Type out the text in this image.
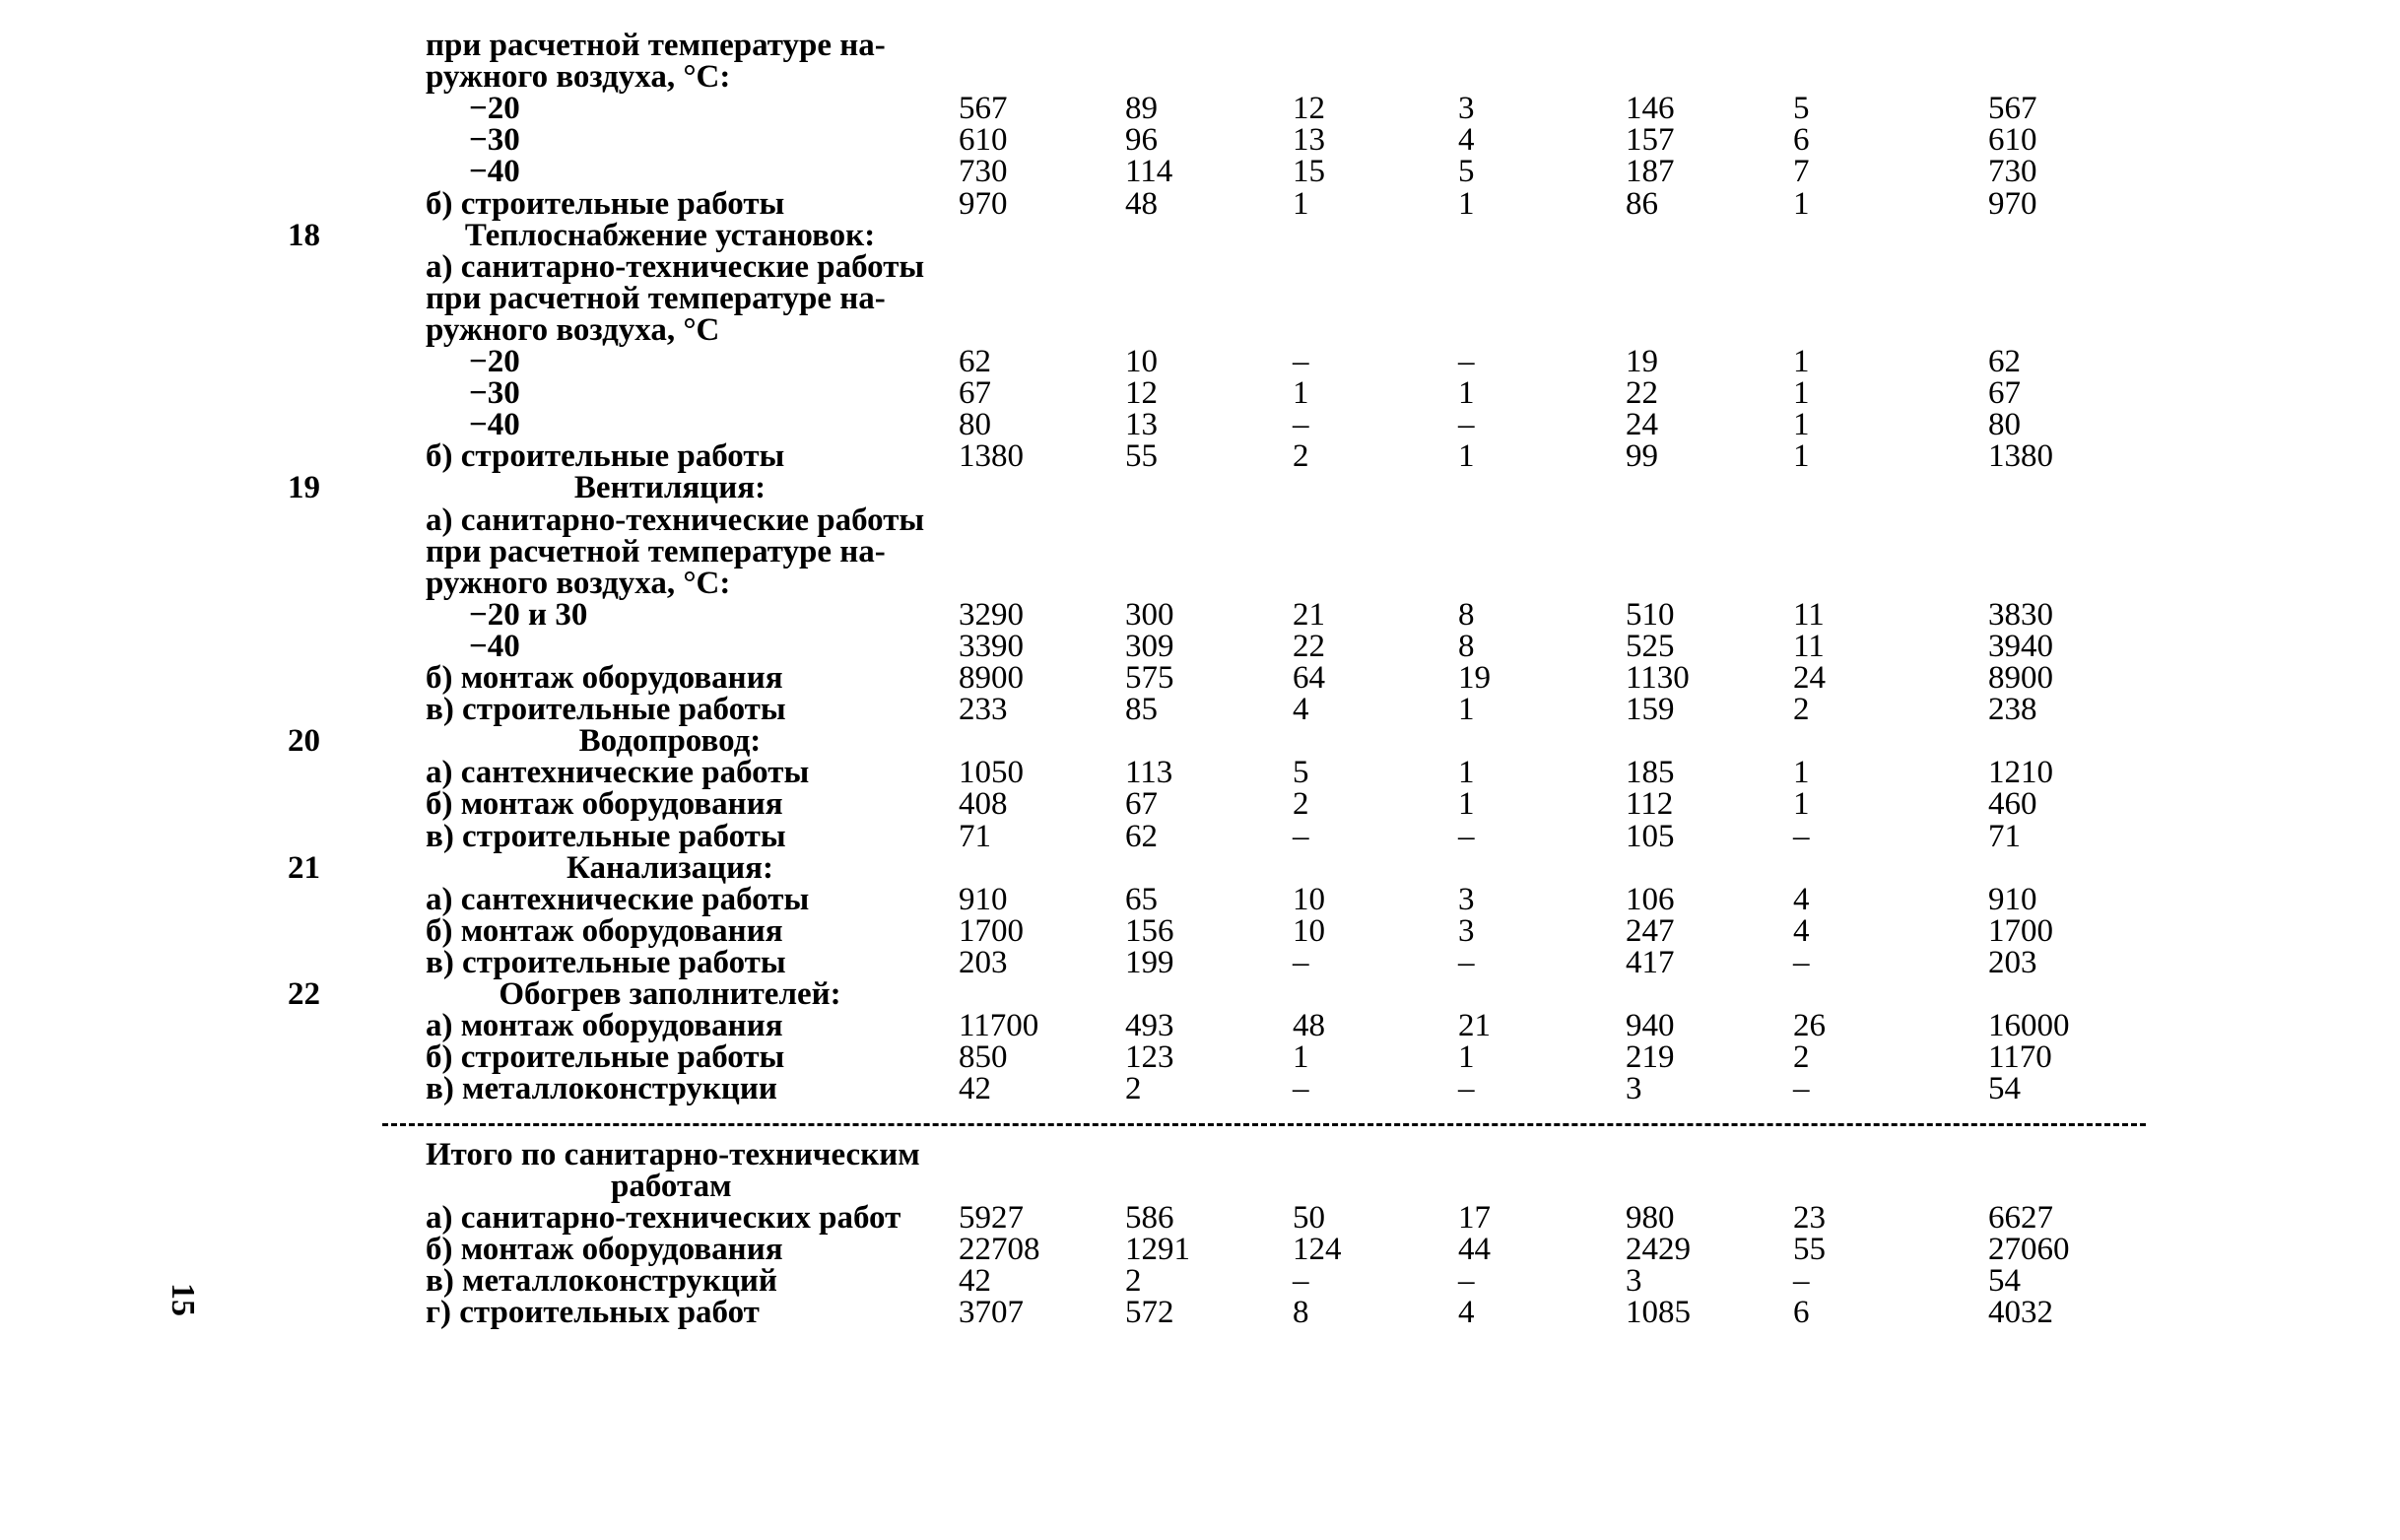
при расчетной температуре на-
ружного воздуха, °C:
−20	567	89	12	3	146	5	567
−30	610	96	13	4	157	6	610
−40	730	114	15	5	187	7	730
б) строительные работы	970	48	1	1	86	1	970
18	Теплоснабжение установок:
а) санитарно-технические работы
при расчетной температуре на-
ружного воздуха, °C
−20	62	10	–	–	19	1	62
−30	67	12	1	1	22	1	67
−40	80	13	–	–	24	1	80
б) строительные работы	1380	55	2	1	99	1	1380
19	Вентиляция:
а) санитарно-технические работы
при расчетной температуре на-
ружного воздуха, °C:
−20 и 30	3290	300	21	8	510	11	3830
−40	3390	309	22	8	525	11	3940
б) монтаж оборудования	8900	575	64	19	1130	24	8900
в) строительные работы	233	85	4	1	159	2	238
20	Водопровод:
а) сантехнические работы	1050	113	5	1	185	1	1210
б) монтаж оборудования	408	67	2	1	112	1	460
в) строительные работы	71	62	–	–	105	–	71
21	Канализация:
а) сантехнические работы	910	65	10	3	106	4	910
б) монтаж оборудования	1700	156	10	3	247	4	1700
в) строительные работы	203	199	–	–	417	–	203
22	Обогрев заполнителей:
а) монтаж оборудования	11700	493	48	21	940	26	16000
б) строительные работы	850	123	1	1	219	2	1170
в) металлоконструкции	42	2	–	–	3	–	54
Итого по санитарно-техническим
работам
а) санитарно-технических работ 5927	586	50	17	980	23	6627
б) монтаж оборудования	22708	1291	124	44	2429	55	27060
в) металлоконструкций	42	2	–	–	3	–	54
г) строительных работ	3707	572	8	4	1085	6	4032
15
